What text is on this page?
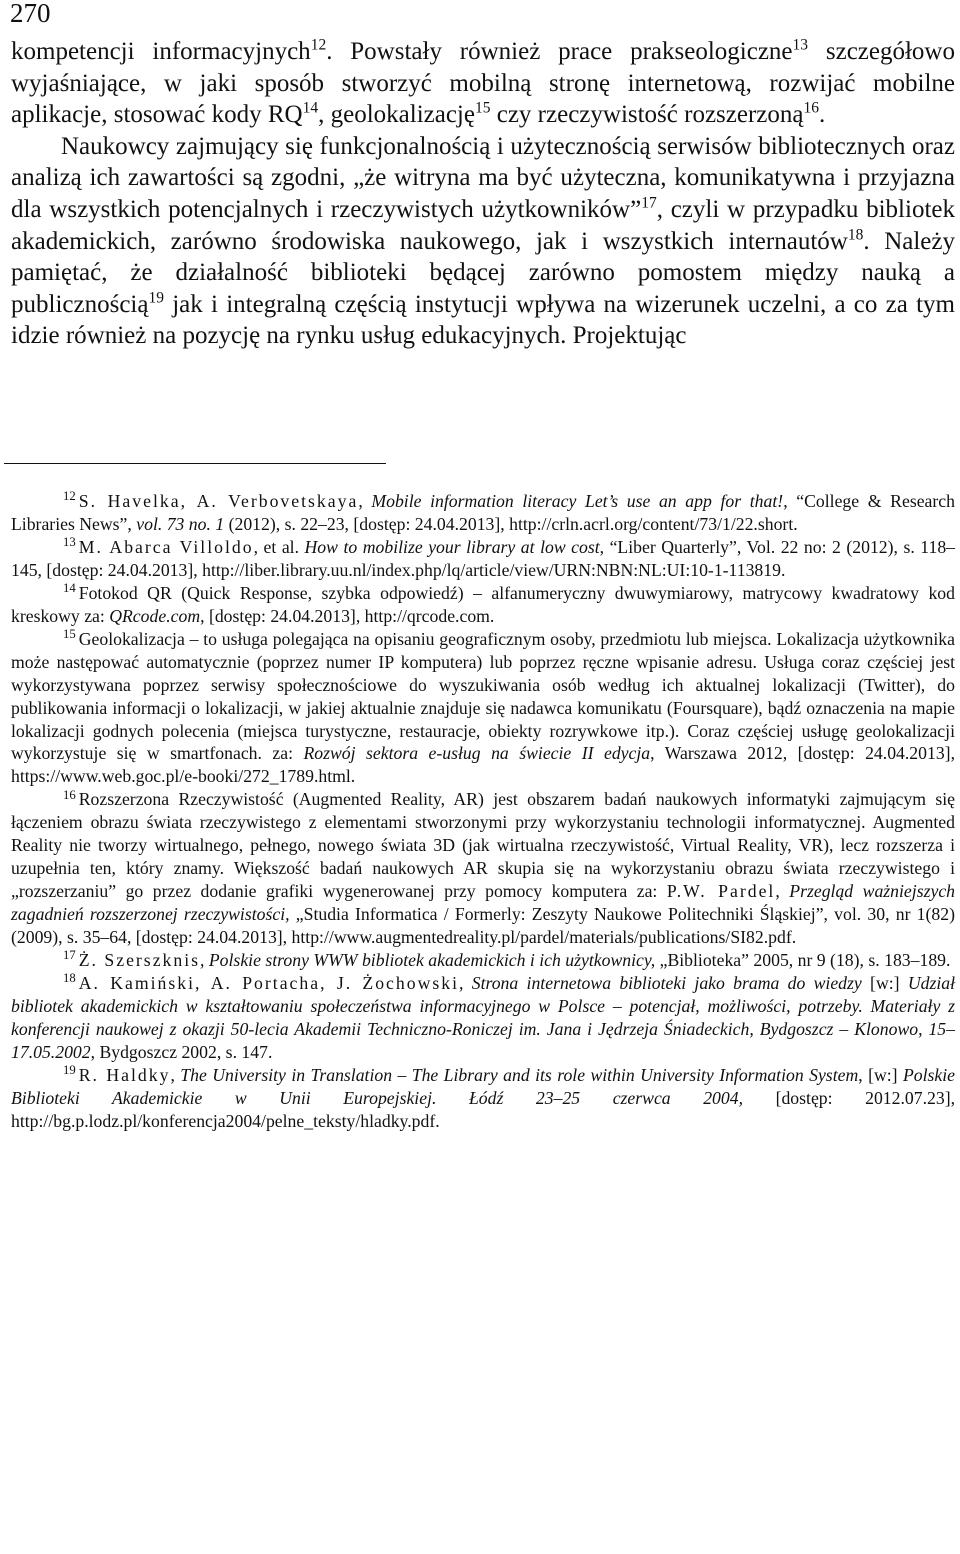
270

kompetencji informacyjnych$^{12}$. Powstały również prace prakseologiczne$^{13}$ szczegółowo wyjaśniające, w jaki sposób stworzyć mobilną stronę internetową, rozwijać mobilne aplikacje, stosować kody RQ$^{14}$, geolokalizację$^{15}$ czy rzeczywistość rozszerzoną$^{16}$.

Naukowcy zajmujący się funkcjonalnością i użytecznością serwisów bibliotecznych oraz analizą ich zawartości są zgodni, „że witryna ma być użyteczna, komunikatywna i przyjazna dla wszystkich potencjalnych i rzeczywistych użytkowników”$^{17}$, czyli w przypadku bibliotek akademickich, zarówno środowiska naukowego, jak i wszystkich internautów$^{18}$. Należy pamiętać, że działalność biblioteki będącej zarówno pomostem między nauką a publicznością$^{19}$ jak i integralną częścią instytucji wpływa na wizerunek uczelni, a co za tym idzie również na pozycję na rynku usług edukacyjnych. Projektując

$^{12}$ S. Havelka, A. Verbovetskaya, Mobile information literacy Let’s use an app for that!, “College & Research Libraries News”, vol. 73 no. 1 (2012), s. 22–23, [dostęp: 24.04.2013], http://crln.acrl.org/content/73/1/22.short.

$^{13}$ M. Abarca Villoldo, et al. How to mobilize your library at low cost, “Liber Quarterly”, Vol. 22 no: 2 (2012), s. 118–145, [dostęp: 24.04.2013], http://liber.library.uu.nl/index.php/lq/article/view/URN:NBN:NL:UI:10-1-113819.

$^{14}$ Fotokod QR (Quick Response, szybka odpowiedź) – alfanumeryczny dwuwymiarowy, matrycowy kwadratowy kod kreskowy za: QRcode.com, [dostęp: 24.04.2013], http://qrcode.com.

$^{15}$ Geolokalizacja – to usługa polegająca na opisaniu geograficznym osoby, przedmiotu lub miejsca. Lokalizacja użytkownika może następować automatycznie (poprzez numer IP komputera) lub poprzez ręczne wpisanie adresu. Usługa coraz częściej jest wykorzystywana poprzez serwisy społecznościowe do wyszukiwania osób według ich aktualnej lokalizacji (Twitter), do publikowania informacji o lokalizacji, w jakiej aktualnie znajduje się nadawca komunikatu (Foursquare), bądź oznaczenia na mapie lokalizacji godnych polecenia (miejsca turystyczne, restauracje, obiekty rozrywkowe itp.). Coraz częściej usługę geolokalizacji wykorzystuje się w smartfonach. za: Rozwój sektora e-usług na świecie II edycja, Warszawa 2012, [dostęp: 24.04.2013], https://www.web.goc.pl/e-booki/272_1789.html.

$^{16}$ Rozszerzona Rzeczywistość (Augmented Reality, AR) jest obszarem badań naukowych informatyki zajmującym się łączeniem obrazu świata rzeczywistego z elementami stworzonymi przy wykorzystaniu technologii informatycznej. Augmented Reality nie tworzy wirtualnego, pełnego, nowego świata 3D (jak wirtualna rzeczywistość, Virtual Reality, VR), lecz rozszerza i uzupełnia ten, który znamy. Większość badań naukowych AR skupia się na wykorzystaniu obrazu świata rzeczywistego i „rozszerzaniu” go przez dodanie grafiki wygenerowanej przy pomocy komputera za: P.W. Pardel, Przegląd ważniejszych zagadnień rozszerzonej rzeczywistości, „Studia Informatica / Formerly: Zeszyty Naukowe Politechniki Śląskiej”, vol. 30, nr 1(82) (2009), s. 35–64, [dostęp: 24.04.2013], http://www.augmentedreality.pl/pardel/materials/publications/SI82.pdf.

$^{17}$ Ż. Szerszknis, Polskie strony WWW bibliotek akademickich i ich użytkownicy, „Biblioteka” 2005, nr 9 (18), s. 183–189.

$^{18}$ A. Kamiński, A. Portacha, J. Żochowski, Strona internetowa biblioteki jako brama do wiedzy [w:] Udział bibliotek akademickich w kształtowaniu społeczeństwa informacyjnego w Polsce – potencjał, możliwości, potrzeby. Materiały z konferencji naukowej z okazji 50-lecia Akademii Techniczno-Roniczej im. Jana i Jędrzeja Śniadeckich, Bydgoszcz – Klonowo, 15–17.05.2002, Bydgoszcz 2002, s. 147.

$^{19}$ R. Haldky, The University in Translation – The Library and its role within University Information System, [w:] Polskie Biblioteki Akademickie w Unii Europejskiej. Łódź 23–25 czerwca 2004, [dostęp: 2012.07.23], http://bg.p.lodz.pl/konferencja2004/pelne_teksty/hladky.pdf.
